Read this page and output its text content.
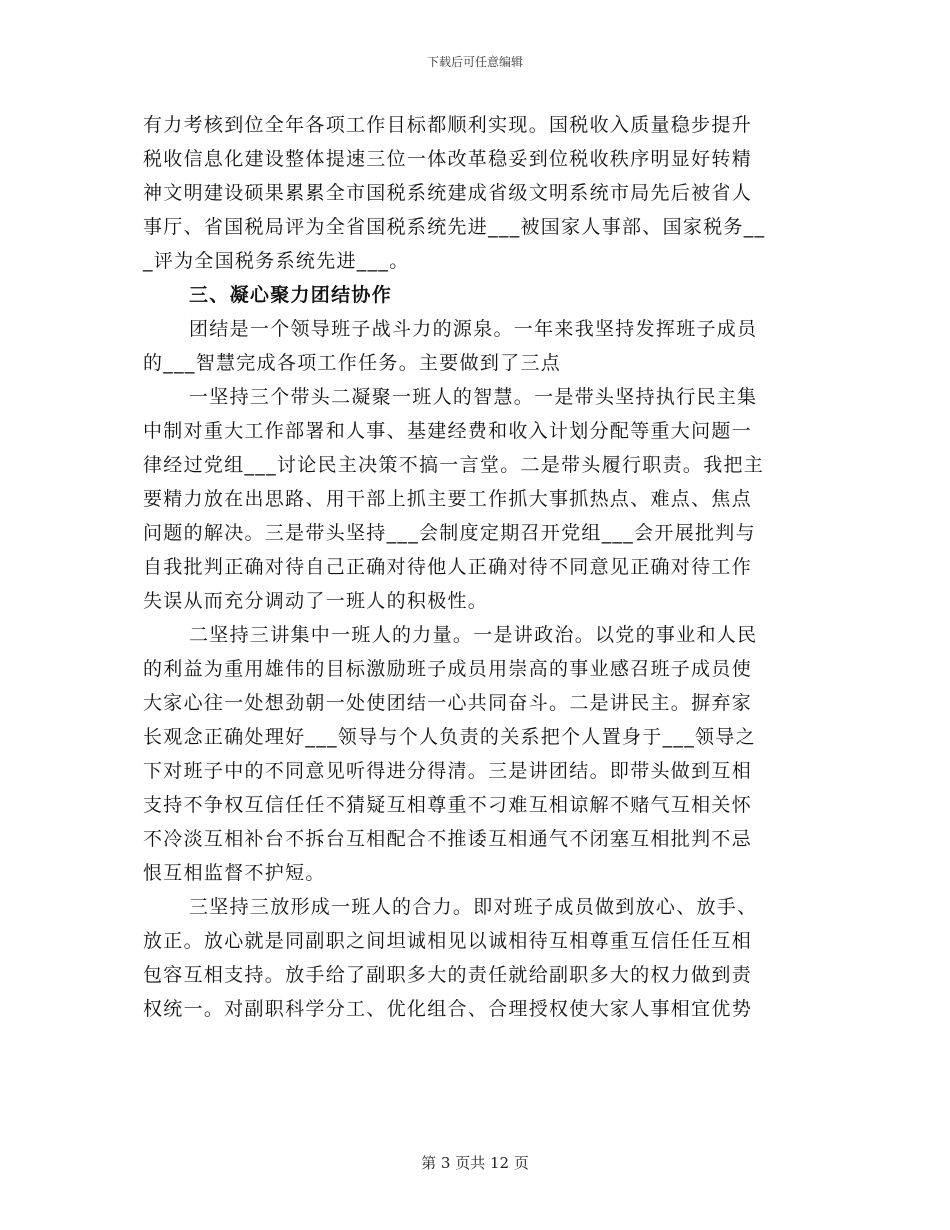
下载后可任意编辑
有力考核到位全年各项工作目标都顺利实现。国税收入质量稳步提升
税收信息化建设整体提速三位一体改革稳妥到位税收秩序明显好转精
神文明建设硕果累累全市国税系统建成省级文明系统市局先后被省人
事厅、省国税局评为全省国税系统先进___被国家人事部、国家税务__
_评为全国税务系统先进___。
三、凝心聚力团结协作
团结是一个领导班子战斗力的源泉。一年来我坚持发挥班子成员
的___智慧完成各项工作任务。主要做到了三点
一坚持三个带头二凝聚一班人的智慧。一是带头坚持执行民主集
中制对重大工作部署和人事、基建经费和收入计划分配等重大问题一
律经过党组___讨论民主决策不搞一言堂。二是带头履行职责。我把主
要精力放在出思路、用干部上抓主要工作抓大事抓热点、难点、焦点
问题的解决。三是带头坚持___会制度定期召开党组___会开展批判与
自我批判正确对待自己正确对待他人正确对待不同意见正确对待工作
失误从而充分调动了一班人的积极性。
二坚持三讲集中一班人的力量。一是讲政治。以党的事业和人民
的利益为重用雄伟的目标激励班子成员用崇高的事业感召班子成员使
大家心往一处想劲朝一处使团结一心共同奋斗。二是讲民主。摒弃家
长观念正确处理好___领导与个人负责的关系把个人置身于___领导之
下对班子中的不同意见听得进分得清。三是讲团结。即带头做到互相
支持不争权互信任任不猜疑互相尊重不刁难互相谅解不赌气互相关怀
不冷淡互相补台不拆台互相配合不推诿互相通气不闭塞互相批判不忌
恨互相监督不护短。
三坚持三放形成一班人的合力。即对班子成员做到放心、放手、
放正。放心就是同副职之间坦诚相见以诚相待互相尊重互信任任互相
包容互相支持。放手给了副职多大的责任就给副职多大的权力做到责
权统一。对副职科学分工、优化组合、合理授权使大家人事相宜优势
第 3 页共 12 页
